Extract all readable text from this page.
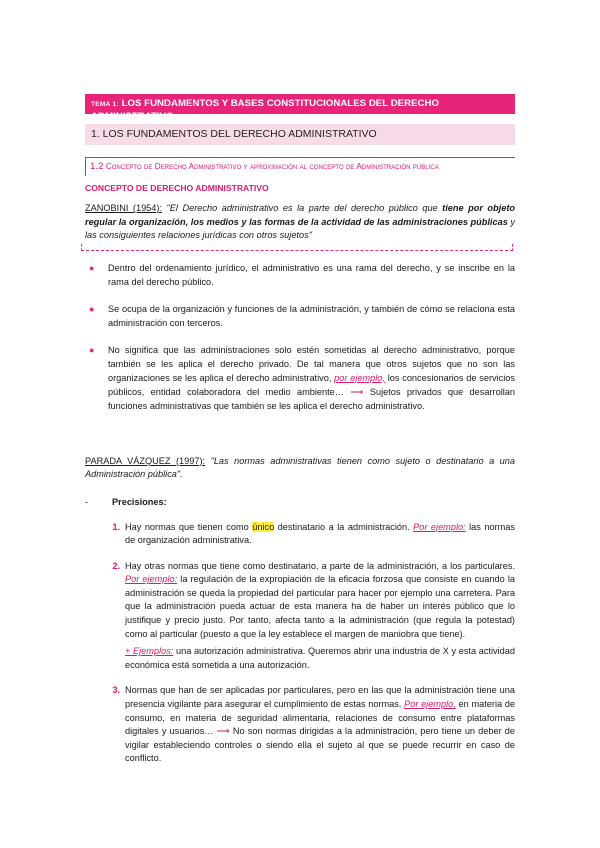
TEMA 1: LOS FUNDAMENTOS Y BASES CONSTITUCIONALES DEL DERECHO ADMINISTRATIVO
1. LOS FUNDAMENTOS DEL DERECHO ADMINISTRATIVO
1.2 Concepto de Derecho Administrativo y aproximación al concepto de Administración pública
CONCEPTO DE DERECHO ADMINISTRATIVO

ZANOBINI (1954): "El Derecho administrativo es la parte del derecho público que tiene por objeto regular la organización, los medios y las formas de la actividad de las administraciones públicas y las consiguientes relaciones jurídicas con otros sujetos"

● Dentro del ordenamiento jurídico, el administrativo es una rama del derecho, y se inscribe en la rama del derecho público.
● Se ocupa de la organización y funciones de la administración, y también de cómo se relaciona esta administración con terceros.
● No significa que las administraciones solo estén sometidas al derecho administrativo, porque también se les aplica el derecho privado. De tal manera que otros sujetos que no son las organizaciones se les aplica el derecho administrativo, por ejemplo, los concesionarios de servicios públicos, entidad colaboradora del medio ambiente… ⟶ Sujetos privados que desarrollan funciones administrativas que también se les aplica el derecho administrativo.

PARADA VÁZQUEZ (1997): "Las normas administrativas tienen como sujeto o destinatario a una Administración pública".

-	Precisiones:
1. Hay normas que tienen como único destinatario a la administración. Por ejemplo: las normas de organización administrativa.
2. Hay otras normas que tiene como destinatario, a parte de la administración, a los particulares. Por ejemplo: la regulación de la expropiación de la eficacia forzosa que consiste en cuando la administración se queda la propiedad del particular para hacer por ejemplo una carretera. Para que la administración pueda actuar de esta manera ha de haber un interés público que lo justifique y precio justo. Por tanto, afecta tanto a la administración (que regula la potestad) como al particular (puesto a que la ley establece el margen de maniobra que tiene).
+ Ejemplos: una autorización administrativa. Queremos abrir una industria de X y esta actividad económica está sometida a una autorización.
3. Normas que han de ser aplicadas por particulares, pero en las que la administración tiene una presencia vigilante para asegurar el cumplimiento de estas normas. Por ejemplo, en materia de consumo, en materia de seguridad alimentaria, relaciones de consumo entre plataformas digitales y usuarios… ⟶ No son normas dirigidas a la administración, pero tiene un deber de vigilar estableciendo controles o siendo ella el sujeto al que se puede recurrir en caso de conflicto.
